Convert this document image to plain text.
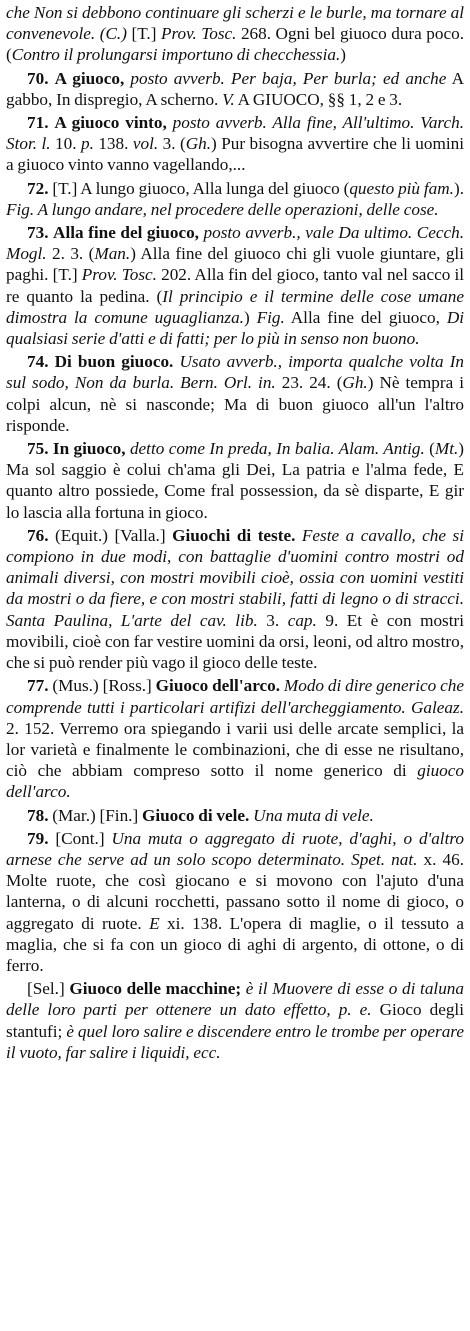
che Non si debbono continuare gli scherzi e le burle, ma tornare al convenevole. (C.) [T.] Prov. Tosc. 268. Ogni bel giuoco dura poco. (Contro il prolungarsi importuno di checchessia.)

70. A giuoco, posto avverb. Per baja, Per burla; ed anche A gabbo, In dispregio, A scherno. V. A GIUOCO, §§ 1, 2 e 3.

71. A giuoco vinto, posto avverb. Alla fine, All'ultimo. Varch. Stor. l. 10. p. 138. vol. 3. (Gh.) Pur bisogna avvertire che li uomini a giuoco vinto vanno vagellando,...

72. [T.] A lungo giuoco, Alla lunga del giuoco (questo più fam.). Fig. A lungo andare, nel procedere delle operazioni, delle cose.

73. Alla fine del giuoco, posto avverb., vale Da ultimo. Cecch. Mogl. 2. 3. (Man.) Alla fine del giuoco chi gli vuole giuntare, gli paghi. [T.] Prov. Tosc. 202. Alla fin del gioco, tanto val nel sacco il re quanto la pedina. (Il principio e il termine delle cose umane dimostra la comune uguaglianza.) Fig. Alla fine del giuoco, Di qualsiasi serie d'atti e di fatti; per lo più in senso non buono.

74. Di buon giuoco. Usato avverb., importa qualche volta In sul sodo, Non da burla. Bern. Orl. in. 23. 24. (Gh.) Nè tempra i colpi alcun, nè si nasconde; Ma di buon giuoco all'un l'altro risponde.

75. In giuoco, detto come In preda, In balia. Alam. Antig. (Mt.) Ma sol saggio è colui ch'ama gli Dei, La patria e l'alma fede, E quanto altro possiede, Come fral possession, da sè disparte, E gir lo lascia alla fortuna in gioco.

76. (Equit.) [Valla.] Giuochi di teste. Feste a cavallo, che si compiono in due modi, con battaglie d'uomini contro mostri od animali diversi, con mostri movibili cioè, ossia con uomini vestiti da mostri o da fiere, e con mostri stabili, fatti di legno o di stracci. Santa Paulina, L'arte del cav. lib. 3. cap. 9. Et è con mostri movibili, cioè con far vestire uomini da orsi, leoni, od altro mostro, che si può render più vago il gioco delle teste.

77. (Mus.) [Ross.] Giuoco dell'arco. Modo di dire generico che comprende tutti i particolari artifizi dell'archeggiamento. Galeaz. 2. 152. Verremo ora spiegando i varii usi delle arcate semplici, la lor varietà e finalmente le combinazioni, che di esse ne risultano, ciò che abbiam compreso sotto il nome generico di giuoco dell'arco.

78. (Mar.) [Fin.] Giuoco di vele. Una muta di vele.

79. [Cont.] Una muta o aggregato di ruote, d'aghi, o d'altro arnese che serve ad un solo scopo determinato. Spet. nat. x. 46. Molte ruote, che così giocano e si movono con l'ajuto d'una lanterna, o di alcuni rocchetti, passano sotto il nome di gioco, o aggregato di ruote. E xi. 138. L'opera di maglie, o il tessuto a maglia, che si fa con un gioco di aghi di argento, di ottone, o di ferro.

[Sel.] Giuoco delle macchine; è il Muovere di esse o di taluna delle loro parti per ottenere un dato effetto, p. e. Gioco degli stantufi; è quel loro salire e discendere entro le trombe per operare il vuoto, far salire i liquidi, ecc.
